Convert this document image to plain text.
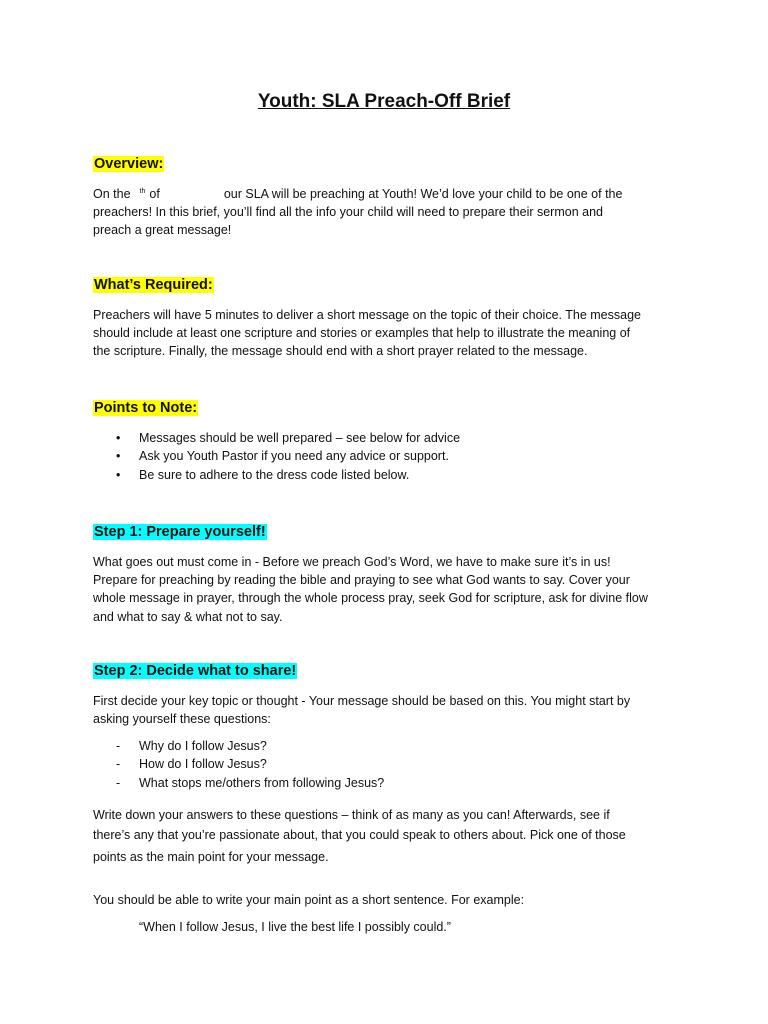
Youth: SLA Preach-Off Brief
Overview:
On the $^{th}$ of	our SLA will be preaching at Youth! We’d love your child to be one of the
preachers! In this brief, you’ll find all the info your child will need to prepare their sermon and
preach a great message!
What’s Required:
Preachers will have 5 minutes to deliver a short message on the topic of their choice. The message
should include at least one scripture and stories or examples that help to illustrate the meaning of
the scripture. Finally, the message should end with a short prayer related to the message.
Points to Note:
• Messages should be well prepared – see below for advice
• Ask you Youth Pastor if you need any advice or support.
• Be sure to adhere to the dress code listed below.
Step 1: Prepare yourself!
What goes out must come in - Before we preach God’s Word, we have to make sure it’s in us!
Prepare for preaching by reading the bible and praying to see what God wants to say. Cover your
whole message in prayer, through the whole process pray, seek God for scripture, ask for divine flow
and what to say & what not to say.
Step 2: Decide what to share!
First decide your key topic or thought - Your message should be based on this. You might start by
asking yourself these questions:
- Why do I follow Jesus?
- How do I follow Jesus?
- What stops me/others from following Jesus?
Write down your answers to these questions – think of as many as you can! Afterwards, see if
there’s any that you’re passionate about, that you could speak to others about. Pick one of those
points as the main point for your message.
You should be able to write your main point as a short sentence. For example:
“When I follow Jesus, I live the best life I possibly could.”
